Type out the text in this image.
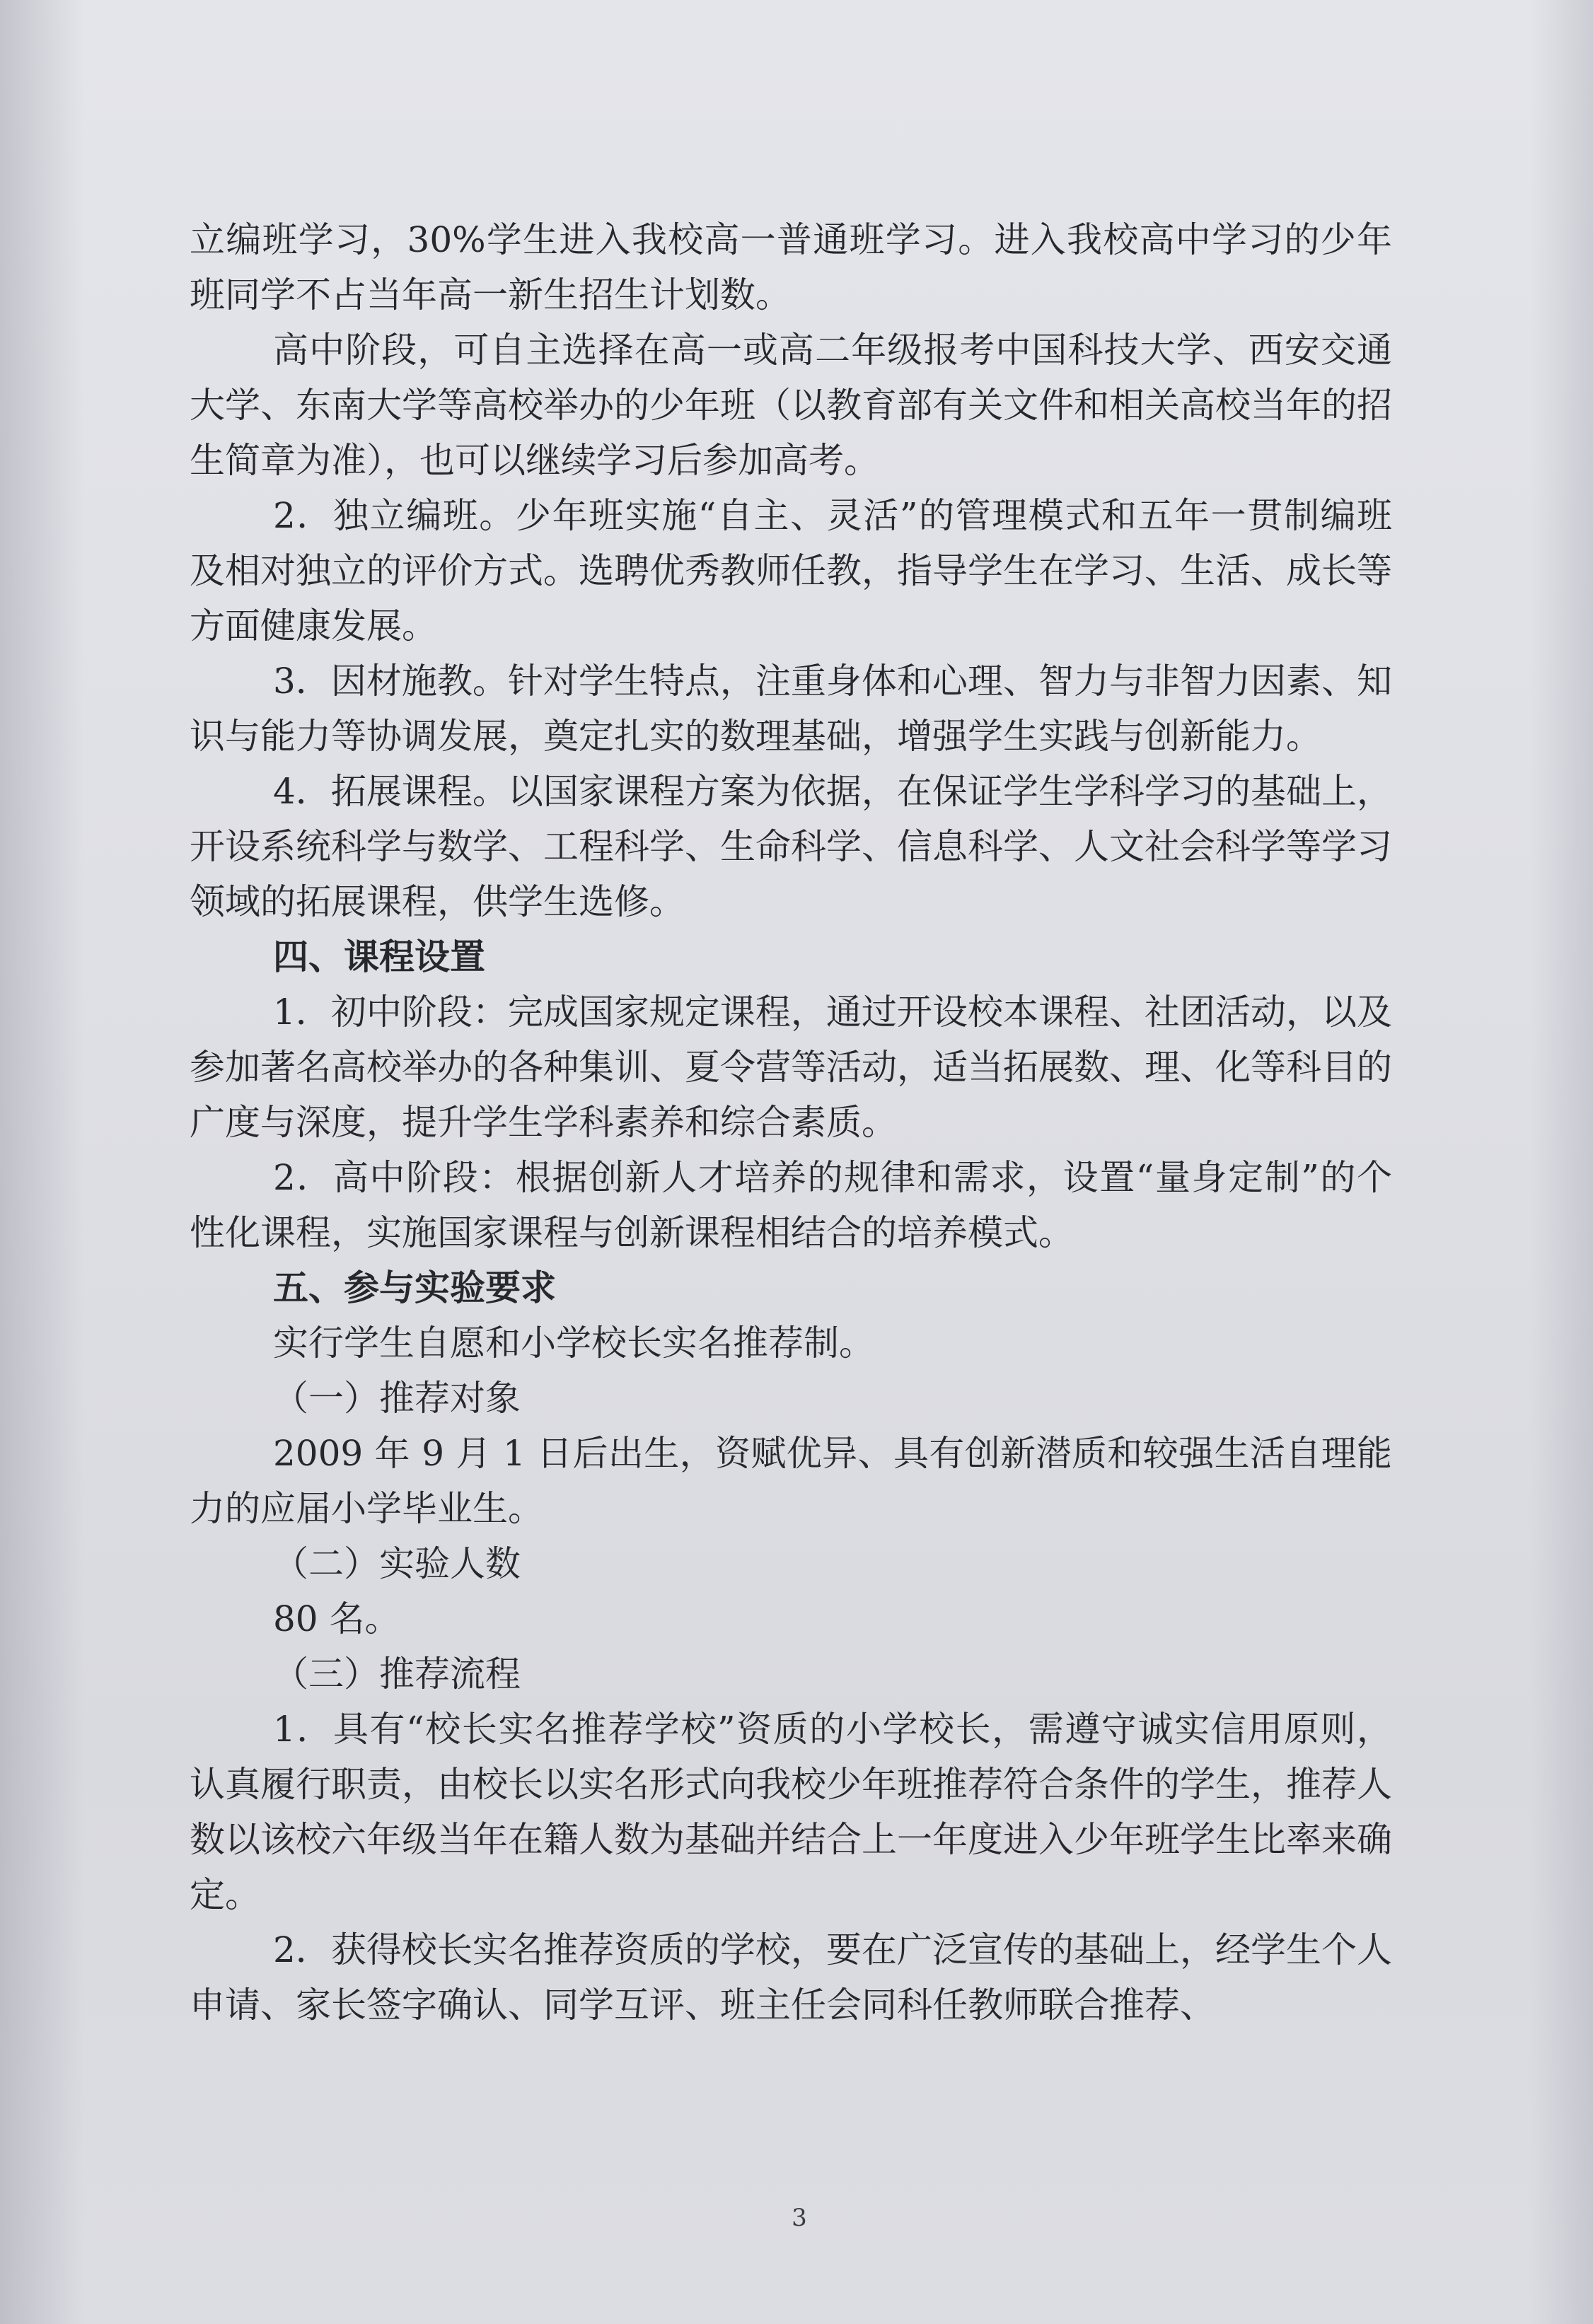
立编班学习，30%学生进入我校高一普通班学习。进入我校高中学习的少年班同学不占当年高一新生招生计划数。

高中阶段，可自主选择在高一或高二年级报考中国科技大学、西安交通大学、东南大学等高校举办的少年班（以教育部有关文件和相关高校当年的招生简章为准），也可以继续学习后参加高考。

2．独立编班。少年班实施“自主、灵活”的管理模式和五年一贯制编班及相对独立的评价方式。选聘优秀教师任教，指导学生在学习、生活、成长等方面健康发展。

3．因材施教。针对学生特点，注重身体和心理、智力与非智力因素、知识与能力等协调发展，奠定扎实的数理基础，增强学生实践与创新能力。

4．拓展课程。以国家课程方案为依据，在保证学生学科学习的基础上，开设系统科学与数学、工程科学、生命科学、信息科学、人文社会科学等学习领域的拓展课程，供学生选修。

四、课程设置

1．初中阶段：完成国家规定课程，通过开设校本课程、社团活动，以及参加著名高校举办的各种集训、夏令营等活动，适当拓展数、理、化等科目的广度与深度，提升学生学科素养和综合素质。

2．高中阶段：根据创新人才培养的规律和需求，设置“量身定制”的个性化课程，实施国家课程与创新课程相结合的培养模式。

五、参与实验要求

实行学生自愿和小学校长实名推荐制。

（一）推荐对象

2009 年 9 月 1 日后出生，资赋优异、具有创新潜质和较强生活自理能力的应届小学毕业生。

（二）实验人数

80 名。

（三）推荐流程

1．具有“校长实名推荐学校”资质的小学校长，需遵守诚实信用原则，认真履行职责，由校长以实名形式向我校少年班推荐符合条件的学生，推荐人数以该校六年级当年在籍人数为基础并结合上一年度进入少年班学生比率来确定。

2．获得校长实名推荐资质的学校，要在广泛宣传的基础上，经学生个人申请、家长签字确认、同学互评、班主任会同科任教师联合推荐、

3
